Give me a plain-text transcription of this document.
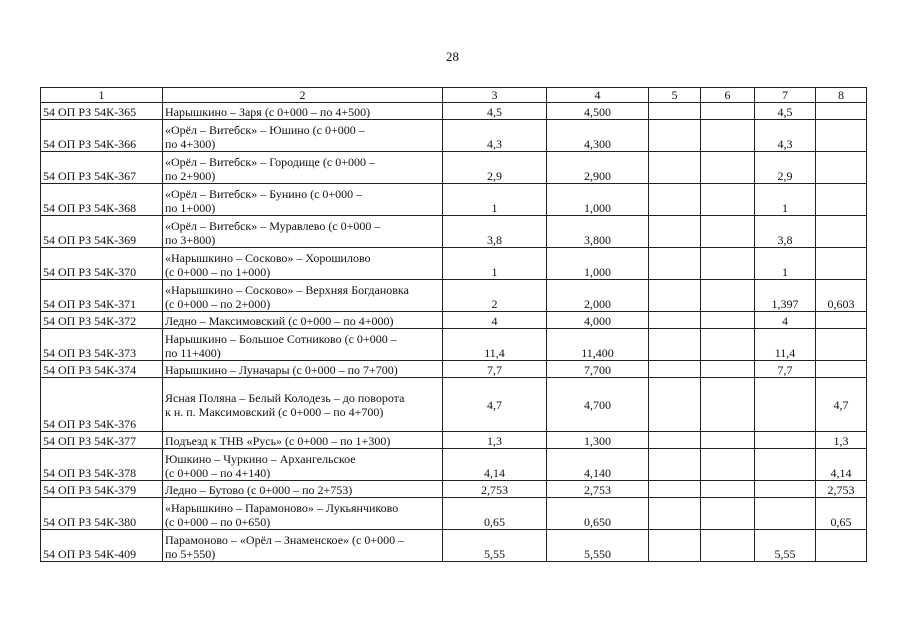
28
1	2	3	4	5	6	7	8
54 ОП РЗ 54К-365	Нарышкино – Заря (с 0+000 – по 4+500)	4,5	4,500			4,5	
54 ОП РЗ 54К-366	«Орёл – Витебск» – Юшино (с 0+000 –
по 4+300)	4,3	4,300			4,3	
54 ОП РЗ 54К-367	«Орёл – Витебск» – Городище (с 0+000 –
по 2+900)	2,9	2,900			2,9	
54 ОП РЗ 54К-368	«Орёл – Витебск» – Бунино (с 0+000 –
по 1+000)	1	1,000			1	
54 ОП РЗ 54К-369	«Орёл – Витебск» – Муравлево (с 0+000 –
по 3+800)	3,8	3,800			3,8	
54 ОП РЗ 54К-370	«Нарышкино – Сосково» – Хорошилово
(с 0+000 – по 1+000)	1	1,000			1	
54 ОП РЗ 54К-371	«Нарышкино – Сосково» – Верхняя Богдановка
(с 0+000 – по 2+000)	2	2,000			1,397	0,603
54 ОП РЗ 54К-372	Ледно – Максимовский (с 0+000 – по 4+000)	4	4,000			4	
54 ОП РЗ 54К-373	Нарышкино – Большое Сотниково (с 0+000 –
по 11+400)	11,4	11,400			11,4	
54 ОП РЗ 54К-374	Нарышкино – Луначары (с 0+000 – по 7+700)	7,7	7,700			7,7	
54 ОП РЗ 54К-376	Ясная Поляна – Белый Колодезь – до поворота
к н. п. Максимовский (с 0+000 – по 4+700)	4,7	4,700				4,7
54 ОП РЗ 54К-377	Подъезд к ТНВ «Русь» (с 0+000 – по 1+300)	1,3	1,300				1,3
54 ОП РЗ 54К-378	Юшкино – Чуркино – Архангельское
(с 0+000 – по 4+140)	4,14	4,140				4,14
54 ОП РЗ 54К-379	Ледно – Бутово (с 0+000 – по 2+753)	2,753	2,753				2,753
54 ОП РЗ 54К-380	«Нарышкино – Парамоново» – Лукьянчиково
(с 0+000 – по 0+650)	0,65	0,650				0,65
54 ОП РЗ 54К-409	Парамоново – «Орёл – Знаменское» (с 0+000 –
по 5+550)	5,55	5,550			5,55	
